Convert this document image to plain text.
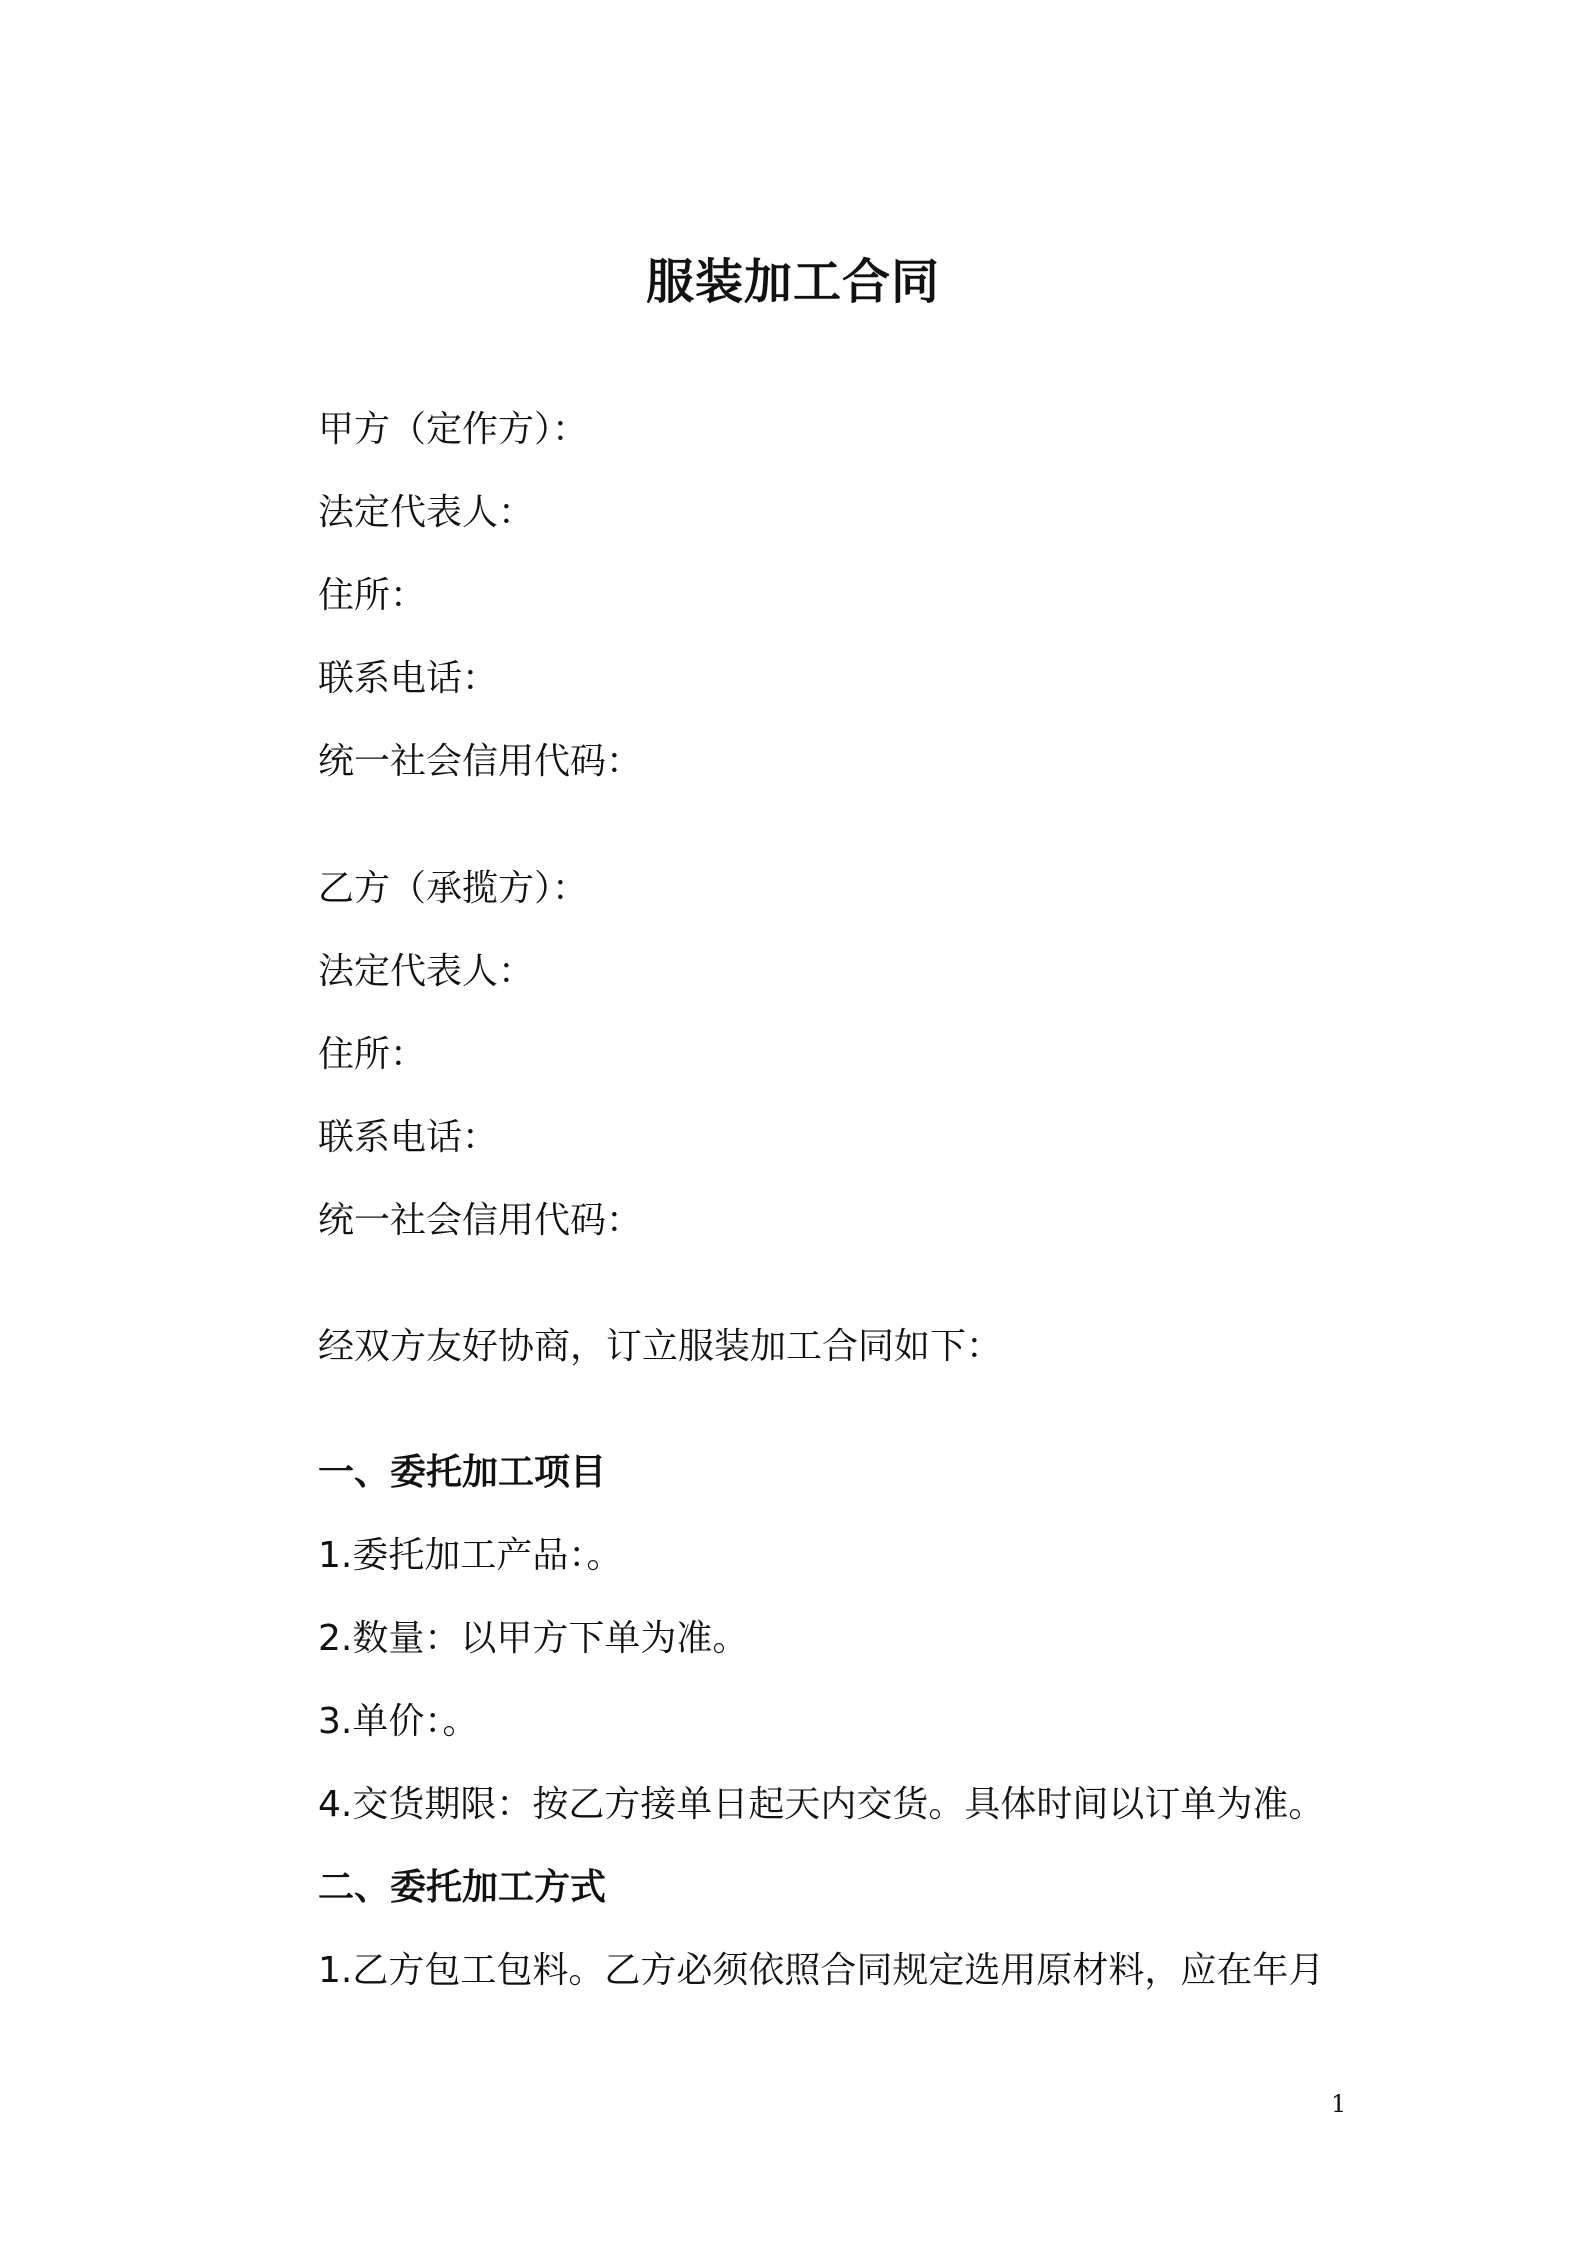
服装加工合同
甲方（定作方）：
法定代表人：
住所：
联系电话：
统一社会信用代码：
乙方（承揽方）：
法定代表人：
住所：
联系电话：
统一社会信用代码：
经双方友好协商，订立服装加工合同如下：
一、委托加工项目
1.委托加工产品：。
2.数量：以甲方下单为准。
3.单价：。
4.交货期限：按乙方接单日起天内交货。具体时间以订单为准。
二、委托加工方式
1.乙方包工包料。乙方必须依照合同规定选用原材料，应在年月
1
